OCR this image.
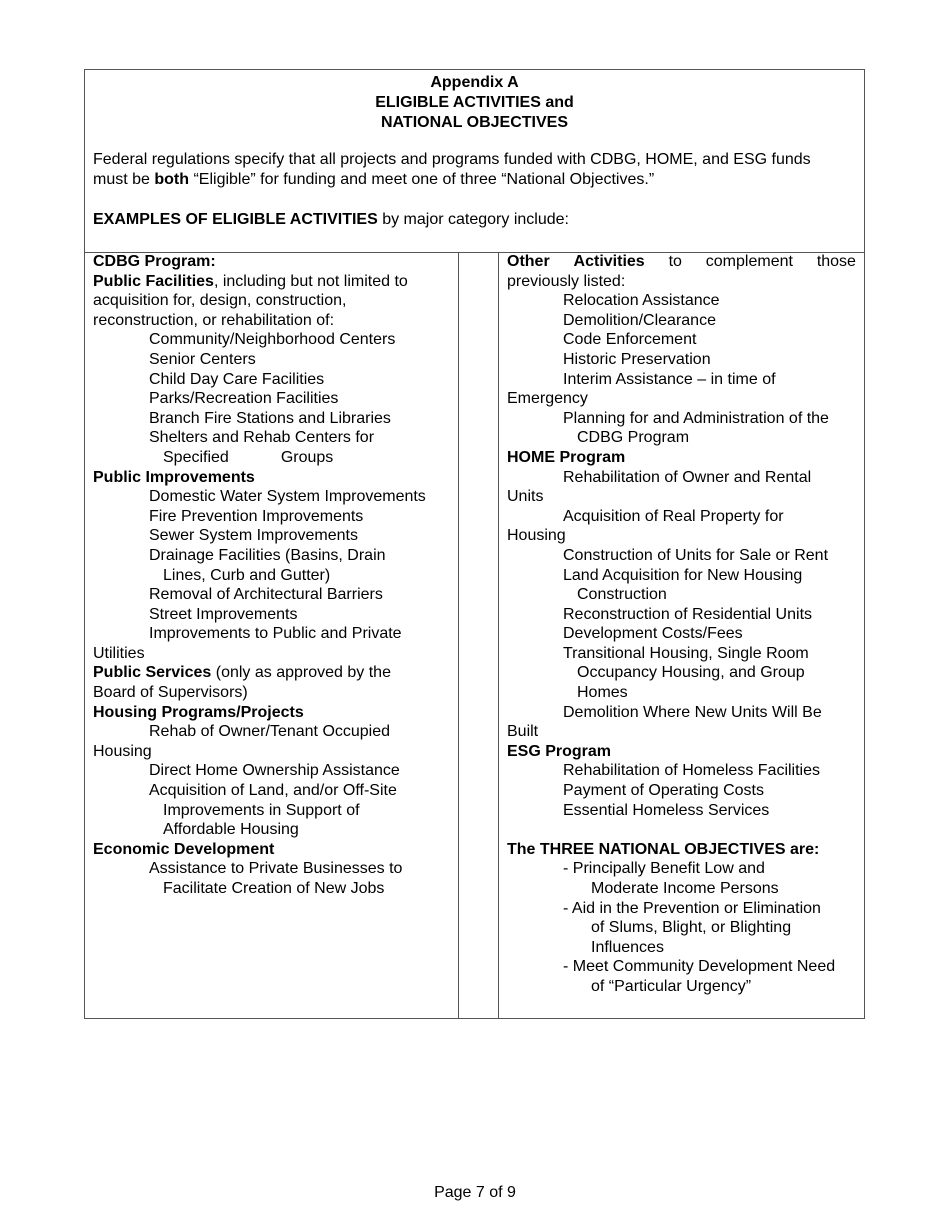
Appendix A
ELIGIBLE ACTIVITIES and
NATIONAL OBJECTIVES
Federal regulations specify that all projects and programs funded with CDBG, HOME, and ESG funds
must be both “Eligible” for funding and meet one of three “National Objectives.”
EXAMPLES OF ELIGIBLE ACTIVITIES by major category include:
CDBG Program:
Public Facilities, including but not limited to
acquisition for, design, construction,
reconstruction, or rehabilitation of:
Community/Neighborhood Centers
Senior Centers
Child Day Care Facilities
Parks/Recreation Facilities
Branch Fire Stations and Libraries
Shelters and Rehab Centers for
Specified	Groups
Public Improvements
Domestic Water System Improvements
Fire Prevention Improvements
Sewer System Improvements
Drainage Facilities (Basins, Drain
Lines, Curb and Gutter)
Removal of Architectural Barriers
Street Improvements
Improvements to Public and Private
Utilities
Public Services (only as approved by the
Board of Supervisors)
Housing Programs/Projects
Rehab of Owner/Tenant Occupied
Housing
Direct Home Ownership Assistance
Acquisition of Land, and/or Off-Site
Improvements in Support of
Affordable Housing
Economic Development
Assistance to Private Businesses to
Facilitate Creation of New Jobs
Other Activities to complement those
previously listed:
Relocation Assistance
Demolition/Clearance
Code Enforcement
Historic Preservation
Interim Assistance – in time of
Emergency
Planning for and Administration of the
CDBG Program
HOME Program
Rehabilitation of Owner and Rental
Units
Acquisition of Real Property for
Housing
Construction of Units for Sale or Rent
Land Acquisition for New Housing
Construction
Reconstruction of Residential Units
Development Costs/Fees
Transitional Housing, Single Room
Occupancy Housing, and Group
Homes
Demolition Where New Units Will Be
Built
ESG Program
Rehabilitation of Homeless Facilities
Payment of Operating Costs
Essential Homeless Services
The THREE NATIONAL OBJECTIVES are:
- Principally Benefit Low and
Moderate Income Persons
- Aid in the Prevention or Elimination
of Slums, Blight, or Blighting
Influences
- Meet Community Development Need
of “Particular Urgency”
Page 7 of 9
